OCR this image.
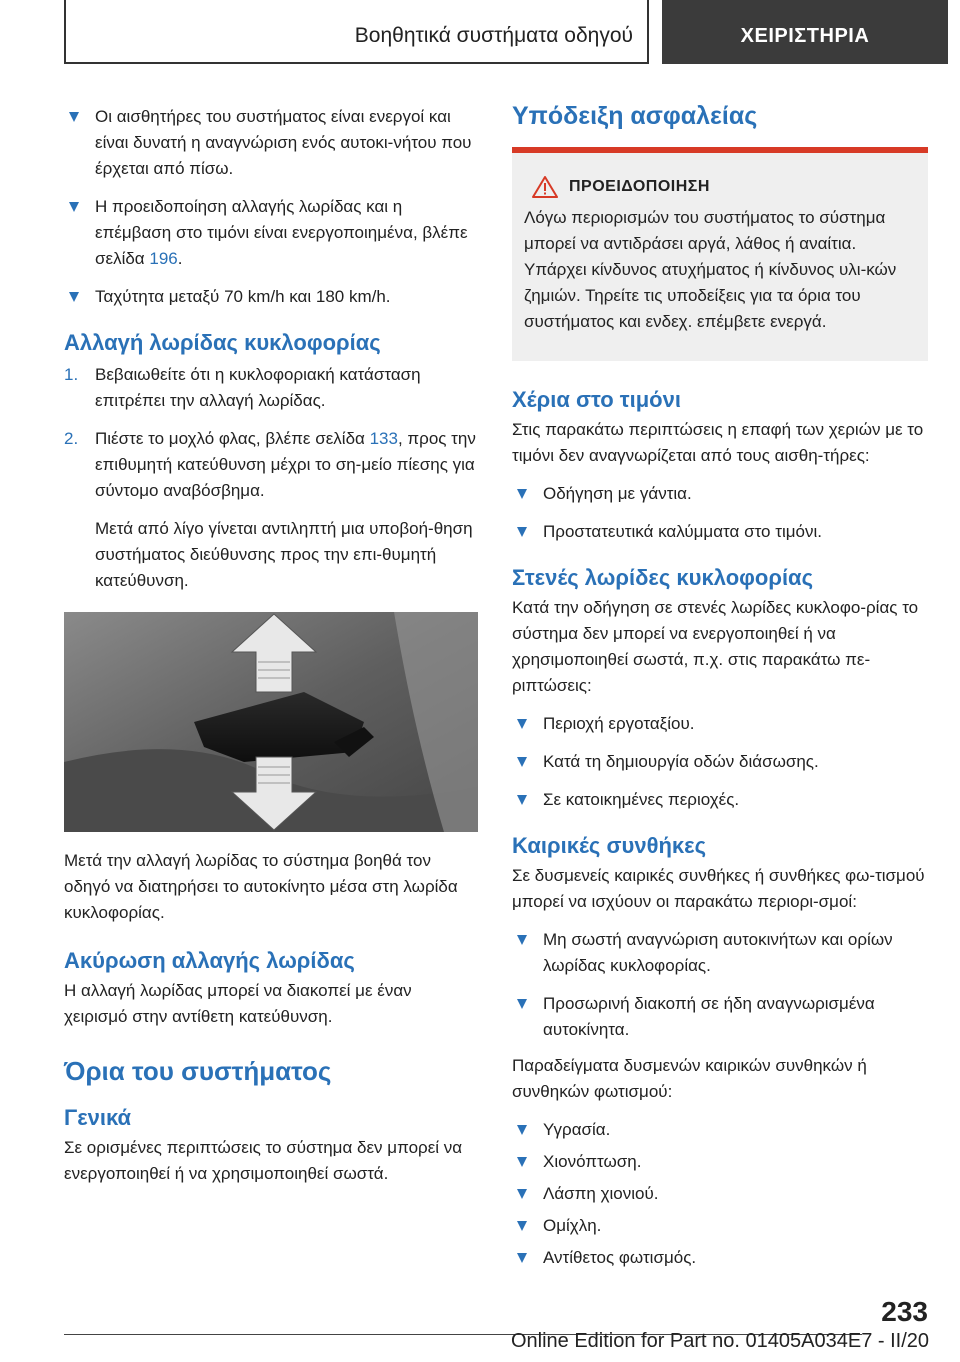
Βοηθητικά συστήματα οδηγού	ΧΕΙΡΙΣΤΗΡΙΑ
Οι αισθητήρες του συστήματος είναι ενεργοί και είναι δυνατή η αναγνώριση ενός αυτοκι‐νήτου που έρχεται από πίσω.
Η προειδοποίηση αλλαγής λωρίδας και η επέμβαση στο τιμόνι είναι ενεργοποιημένα, βλέπε σελίδα 196.
Ταχύτητα μεταξύ 70 km/h και 180 km/h.
Αλλαγή λωρίδας κυκλοφορίας
1. Βεβαιωθείτε ότι η κυκλοφοριακή κατάσταση επιτρέπει την αλλαγή λωρίδας.
2. Πιέστε το μοχλό φλας, βλέπε σελίδα 133, προς την επιθυμητή κατεύθυνση μέχρι το ση‐μείο πίεσης για σύντομο αναβόσβημα.
Μετά από λίγο γίνεται αντιληπτή μια υποβοή‐θηση συστήματος διεύθυνσης προς την επι‐θυμητή κατεύθυνση.

Μετά την αλλαγή λωρίδας το σύστημα βοηθά τον οδηγό να διατηρήσει το αυτοκίνητο μέσα στη λωρίδα κυκλοφορίας.

Ακύρωση αλλαγής λωρίδας

Η αλλαγή λωρίδας μπορεί να διακοπεί με έναν χειρισμό στην αντίθετη κατεύθυνση.

Όρια του συστήματος
Γενικά

Σε ορισμένες περιπτώσεις το σύστημα δεν μπορεί να ενεργοποιηθεί ή να χρησιμοποιηθεί σωστά.

Υπόδειξη ασφαλείας
ΠΡΟΕΙΔΟΠΟΙΗΣΗ

Λόγω περιορισμών του συστήματος το σύστημα μπορεί να αντιδράσει αργά, λάθος ή αναίτια. Υπάρχει κίνδυνος ατυχήματος ή κίνδυνος υλι‐κών ζημιών. Τηρείτε τις υποδείξεις για τα όρια του συστήματος και ενδεχ. επέμβετε ενεργά.

Χέρια στο τιμόνι

Στις παρακάτω περιπτώσεις η επαφή των χεριών με το τιμόνι δεν αναγνωρίζεται από τους αισθη‐τήρες:

Οδήγηση με γάντια.
Προστατευτικά καλύμματα στο τιμόνι.
Στενές λωρίδες κυκλοφορίας

Κατά την οδήγηση σε στενές λωρίδες κυκλοφο‐ρίας το σύστημα δεν μπορεί να ενεργοποιηθεί ή να χρησιμοποιηθεί σωστά, π.χ. στις παρακάτω πε‐ριπτώσεις:

Περιοχή εργοταξίου.
Κατά τη δημιουργία οδών διάσωσης.
Σε κατοικημένες περιοχές.
Καιρικές συνθήκες

Σε δυσμενείς καιρικές συνθήκες ή συνθήκες φω‐τισμού μπορεί να ισχύουν οι παρακάτω περιορι‐σμοί:

Μη σωστή αναγνώριση αυτοκινήτων και ορίων λωρίδας κυκλοφορίας.
Προσωρινή διακοπή σε ήδη αναγνωρισμένα αυτοκίνητα.

Παραδείγματα δυσμενών καιρικών συνθηκών ή συνθηκών φωτισμού:

Υγρασία.
Χιονόπτωση.
Λάσπη χιονιού.
Ομίχλη.
Αντίθετος φωτισμός.
233
Online Edition for Part no. 01405A034E7 - II/20
